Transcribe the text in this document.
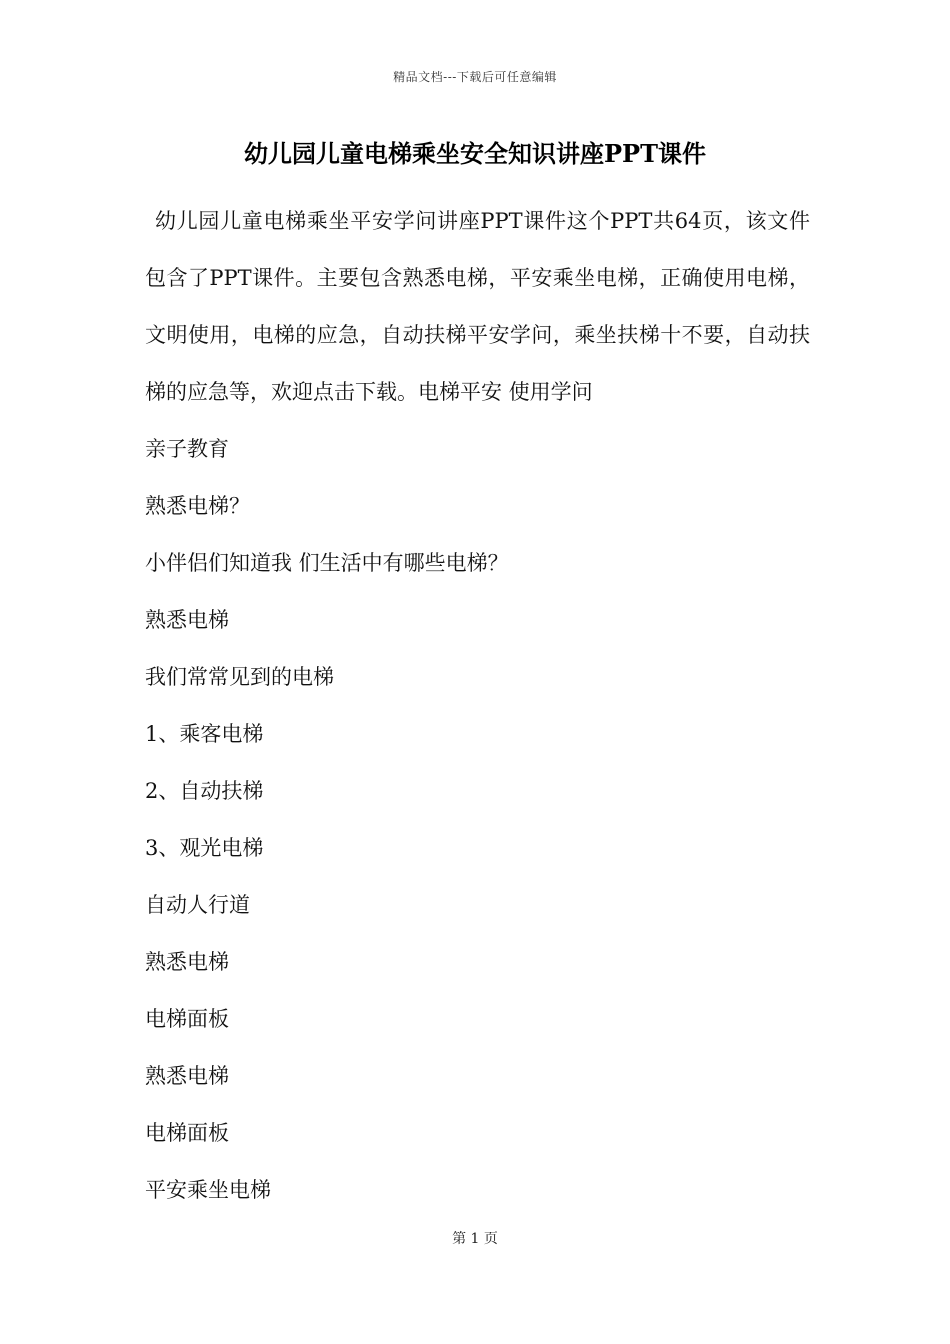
精品文档---下载后可任意编辑
幼儿园儿童电梯乘坐安全知识讲座PPT课件

幼儿园儿童电梯乘坐平安学问讲座PPT课件这个PPT共64页，该文件包含了PPT课件。主要包含熟悉电梯，平安乘坐电梯，正确使用电梯，文明使用，电梯的应急，自动扶梯平安学问，乘坐扶梯十不要，自动扶梯的应急等，欢迎点击下载。电梯平安 使用学问

亲子教育

熟悉电梯？

小伴侣们知道我 们生活中有哪些电梯？

熟悉电梯

我们常常见到的电梯

1、乘客电梯

2、自动扶梯

3、观光电梯

自动人行道

熟悉电梯

电梯面板

熟悉电梯

电梯面板

平安乘坐电梯

第 1 页
